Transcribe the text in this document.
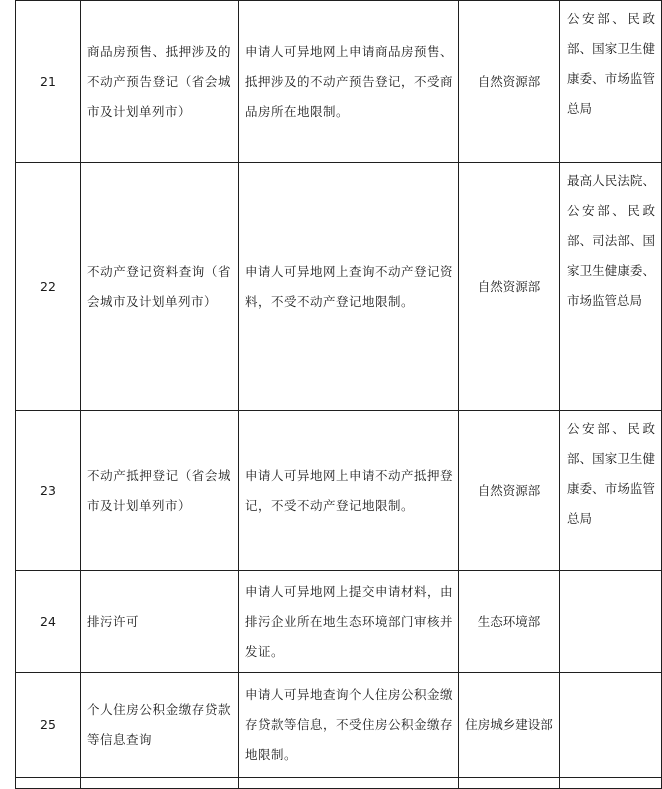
21	商品房预售、抵押涉及的不动产预告登记（省会城市及计划单列市）	申请人可异地网上申请商品房预售、抵押涉及的不动产预告登记，不受商品房所在地限制。	自然资源部	公安部、民政部、国家卫生健康委、市场监管总局

22	不动产登记资料查询（省会城市及计划单列市）	申请人可异地网上查询不动产登记资料，不受不动产登记地限制。	自然资源部	最高人民法院、公安部、民政部、司法部、国家卫生健康委、市场监管总局

23	不动产抵押登记（省会城市及计划单列市）	申请人可异地网上申请不动产抵押登记，不受不动产登记地限制。	自然资源部	公安部、民政部、国家卫生健康委、市场监管总局

24	排污许可	申请人可异地网上提交申请材料，由排污企业所在地生态环境部门审核并发证。	生态环境部	

25	个人住房公积金缴存贷款等信息查询	申请人可异地查询个人住房公积金缴存贷款等信息，不受住房公积金缴存地限制。	住房城乡建设部	
